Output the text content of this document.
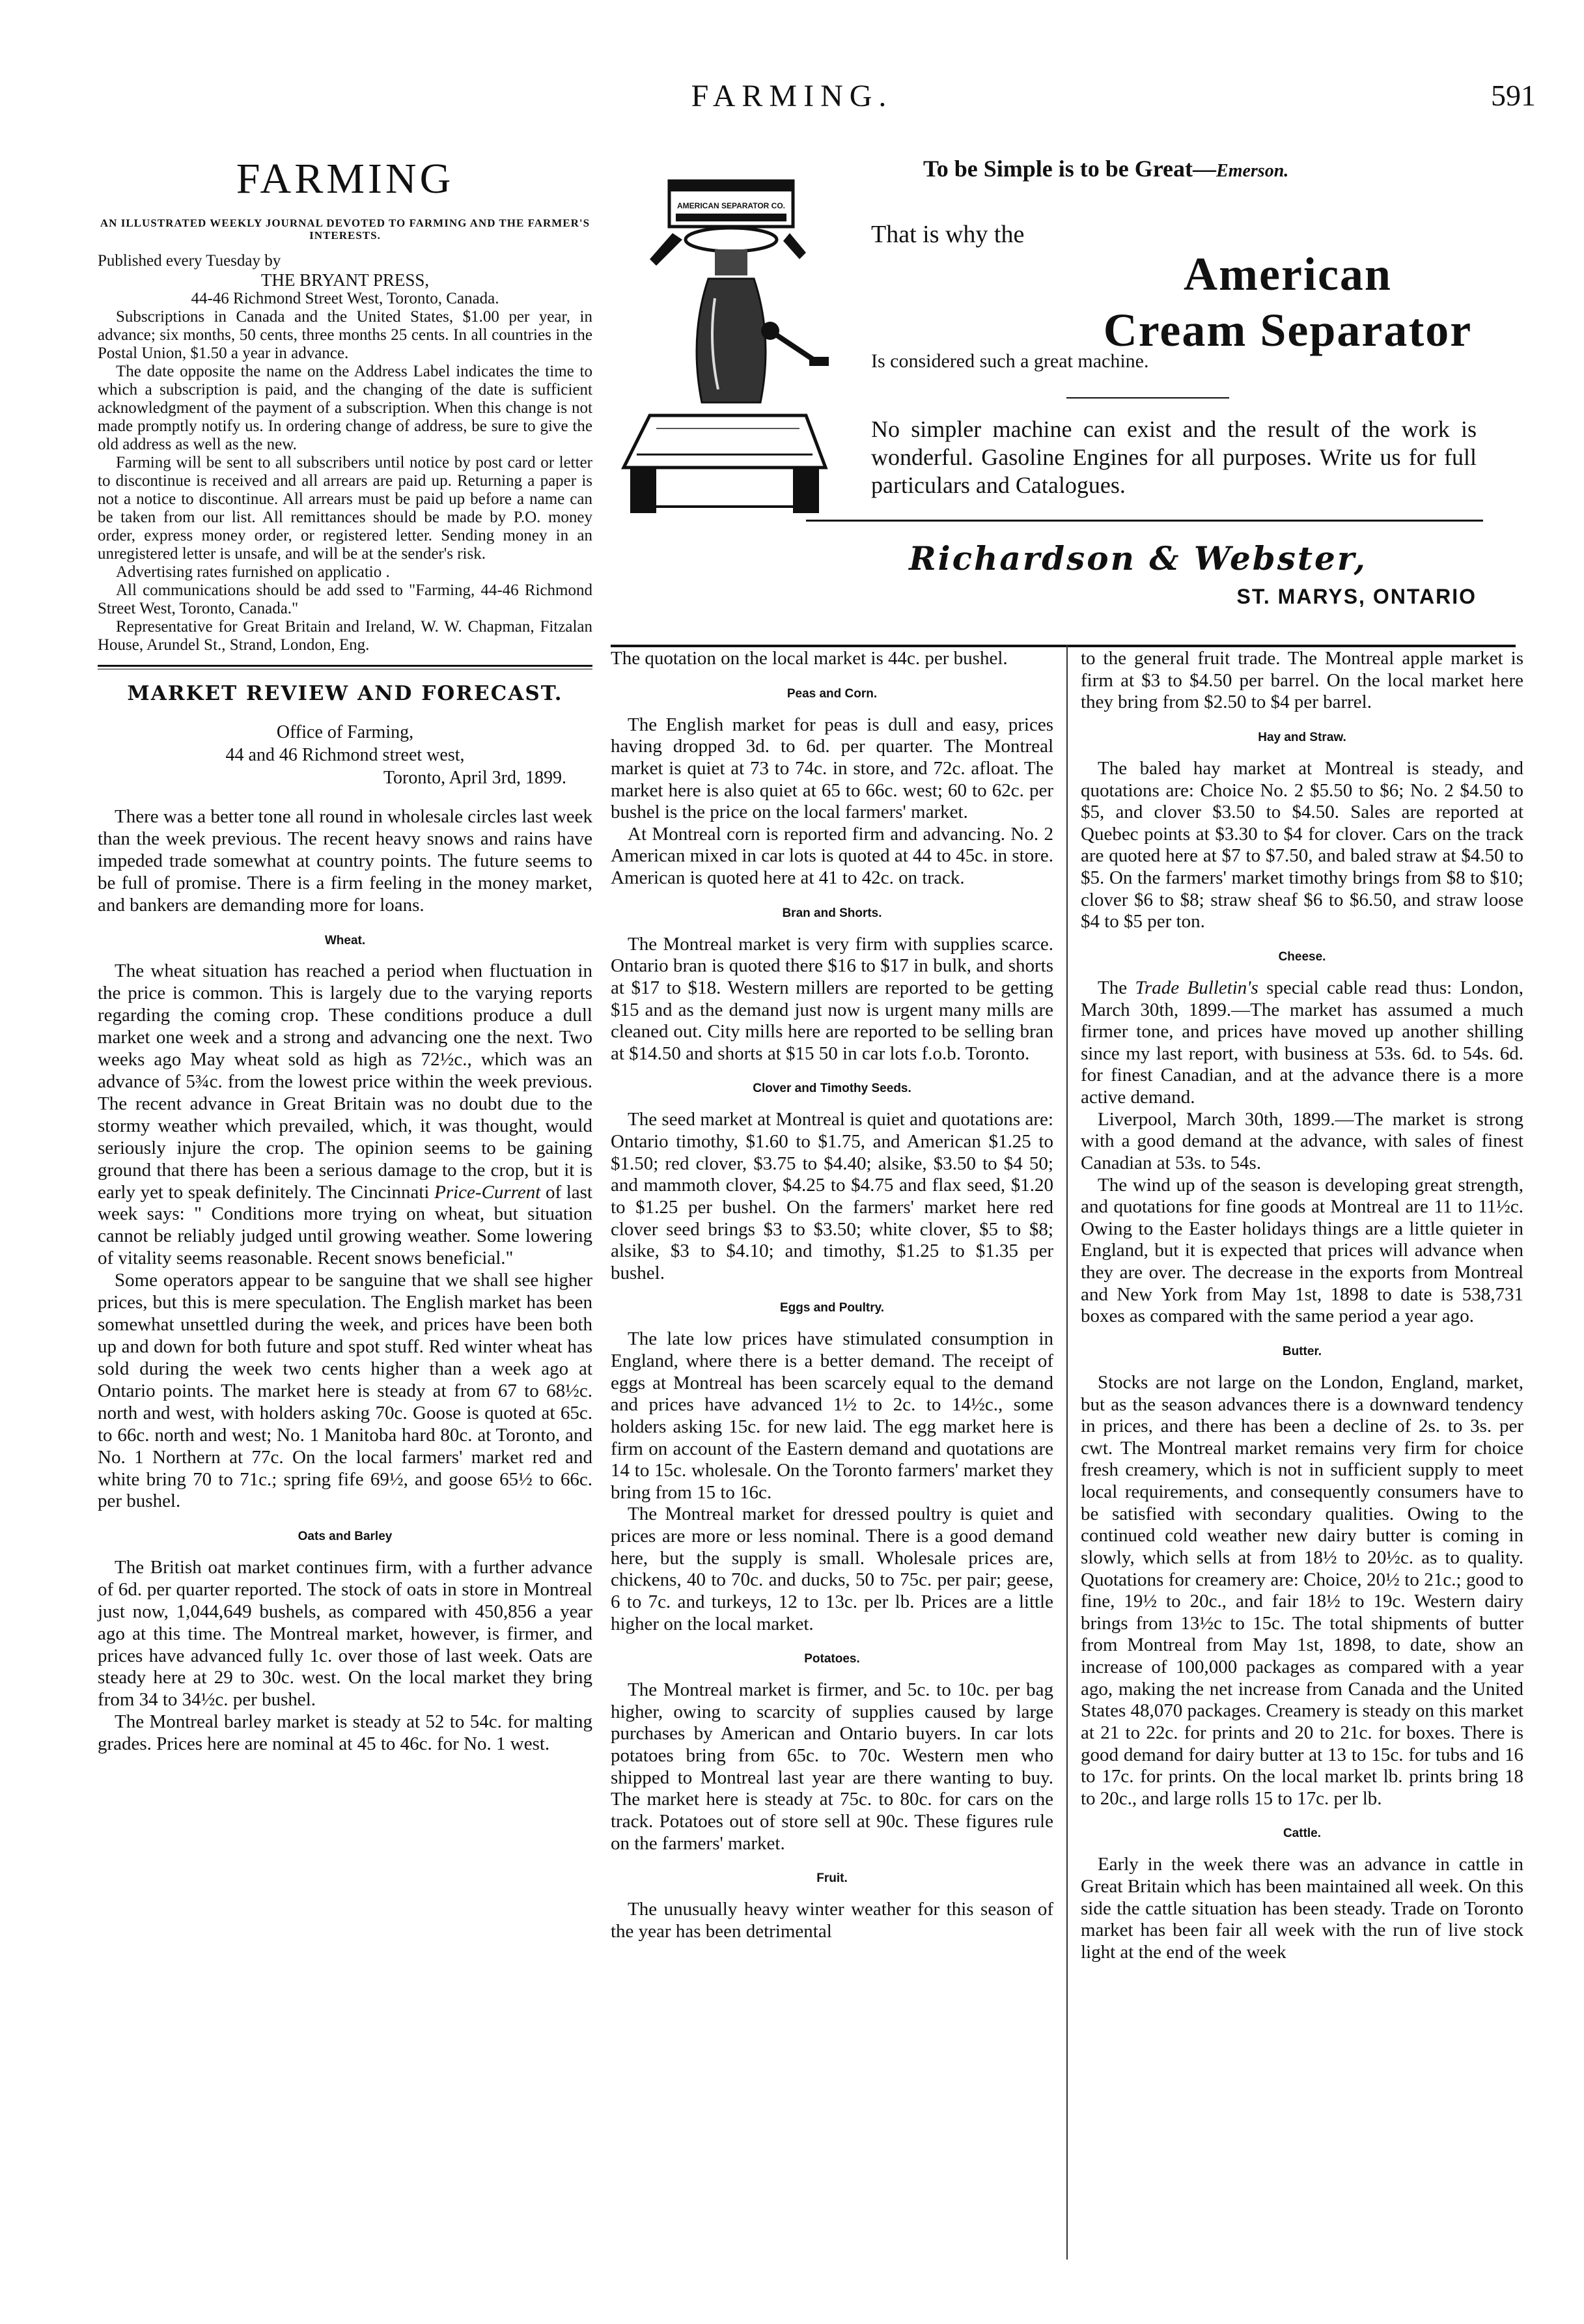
FARMING.	591
FARMING
AN ILLUSTRATED WEEKLY JOURNAL DEVOTED TO FARMING AND THE FARMER'S INTERESTS.

Published every Tuesday by

THE BRYANT PRESS,

44-46 Richmond Street West, Toronto, Canada.

Subscriptions in Canada and the United States, $1.00 per year, in advance; six months, 50 cents, three months 25 cents. In all countries in the Postal Union, $1.50 a year in advance.

The date opposite the name on the Address Label indicates the time to which a subscription is paid, and the changing of the date is sufficient acknowledgment of the payment of a subscription. When this change is not made promptly notify us. In ordering change of address, be sure to give the old address as well as the new.

Farming will be sent to all subscribers until notice by post card or letter to discontinue is received and all arrears are paid up. Returning a paper is not a notice to discontinue. All arrears must be paid up before a name can be taken from our list. All remittances should be made by P.O. money order, express money order, or registered letter. Sending money in an unregistered letter is unsafe, and will be at the sender's risk.

Advertising rates furnished on applicatio .

All communications should be add ssed to "Farming, 44-46 Richmond Street West, Toronto, Canada."

Representative for Great Britain and Ireland, W. W. Chapman, Fitzalan House, Arundel St., Strand, London, Eng.

MARKET REVIEW AND FORECAST.
Office of Farming,
44 and 46 Richmond street west,
Toronto, April 3rd, 1899.

There was a better tone all round in wholesale circles last week than the week previous. The recent heavy snows and rains have impeded trade somewhat at country points. The future seems to be full of promise. There is a firm feeling in the money market, and bankers are demanding more for loans.

Wheat.

The wheat situation has reached a period when fluctuation in the price is common. This is largely due to the varying reports regarding the coming crop. These conditions produce a dull market one week and a strong and advancing one the next. Two weeks ago May wheat sold as high as 72½c., which was an advance of 5¾c. from the lowest price within the week previous. The recent advance in Great Britain was no doubt due to the stormy weather which prevailed, which, it was thought, would seriously injure the crop. The opinion seems to be gaining ground that there has been a serious damage to the crop, but it is early yet to speak definitely. The Cincinnati Price-Current of last week says: " Conditions more trying on wheat, but situation cannot be reliably judged until growing weather. Some lowering of vitality seems reasonable. Recent snows beneficial."

Some operators appear to be sanguine that we shall see higher prices, but this is mere speculation. The English market has been somewhat unsettled during the week, and prices have been both up and down for both future and spot stuff. Red winter wheat has sold during the week two cents higher than a week ago at Ontario points. The market here is steady at from 67 to 68½c. north and west, with holders asking 70c. Goose is quoted at 65c. to 66c. north and west; No. 1 Manitoba hard 80c. at Toronto, and No. 1 Northern at 77c. On the local farmers' market red and white bring 70 to 71c.; spring fife 69½, and goose 65½ to 66c. per bushel.

Oats and Barley

The British oat market continues firm, with a further advance of 6d. per quarter reported. The stock of oats in store in Montreal just now, 1,044,649 bushels, as compared with 450,856 a year ago at this time. The Montreal market, however, is firmer, and prices have advanced fully 1c. over those of last week. Oats are steady here at 29 to 30c. west. On the local market they bring from 34 to 34½c. per bushel.

The Montreal barley market is steady at 52 to 54c. for malting grades. Prices here are nominal at 45 to 46c. for No. 1 west.

AMERICAN SEPARATOR CO.
To be Simple is to be Great—Emerson.
That is why the
American
Cream Separator
Is considered such a great machine.
No simpler machine can exist and the result of the work is wonderful. Gasoline Engines for all purposes. Write us for full particulars and Catalogues.
Richardson & Webster,
ST. MARYS, ONTARIO

The quotation on the local market is 44c. per bushel.

Peas and Corn.

The English market for peas is dull and easy, prices having dropped 3d. to 6d. per quarter. The Montreal market is quiet at 73 to 74c. in store, and 72c. afloat. The market here is also quiet at 65 to 66c. west; 60 to 62c. per bushel is the price on the local farmers' market.

At Montreal corn is reported firm and advancing. No. 2 American mixed in car lots is quoted at 44 to 45c. in store. American is quoted here at 41 to 42c. on track.

Bran and Shorts.

The Montreal market is very firm with supplies scarce. Ontario bran is quoted there $16 to $17 in bulk, and shorts at $17 to $18. Western millers are reported to be getting $15 and as the demand just now is urgent many mills are cleaned out. City mills here are reported to be selling bran at $14.50 and shorts at $15 50 in car lots f.o.b. Toronto.

Clover and Timothy Seeds.

The seed market at Montreal is quiet and quotations are: Ontario timothy, $1.60 to $1.75, and American $1.25 to $1.50; red clover, $3.75 to $4.40; alsike, $3.50 to $4 50; and mammoth clover, $4.25 to $4.75 and flax seed, $1.20 to $1.25 per bushel. On the farmers' market here red clover seed brings $3 to $3.50; white clover, $5 to $8; alsike, $3 to $4.10; and timothy, $1.25 to $1.35 per bushel.

Eggs and Poultry.

The late low prices have stimulated consumption in England, where there is a better demand. The receipt of eggs at Montreal has been scarcely equal to the demand and prices have advanced 1½ to 2c. to 14½c., some holders asking 15c. for new laid. The egg market here is firm on account of the Eastern demand and quotations are 14 to 15c. wholesale. On the Toronto farmers' market they bring from 15 to 16c.

The Montreal market for dressed poultry is quiet and prices are more or less nominal. There is a good demand here, but the supply is small. Wholesale prices are, chickens, 40 to 70c. and ducks, 50 to 75c. per pair; geese, 6 to 7c. and turkeys, 12 to 13c. per lb. Prices are a little higher on the local market.

Potatoes.

The Montreal market is firmer, and 5c. to 10c. per bag higher, owing to scarcity of supplies caused by large purchases by American and Ontario buyers. In car lots potatoes bring from 65c. to 70c. Western men who shipped to Montreal last year are there wanting to buy. The market here is steady at 75c. to 80c. for cars on the track. Potatoes out of store sell at 90c. These figures rule on the farmers' market.

Fruit.

The unusually heavy winter weather for this season of the year has been detrimental

to the general fruit trade. The Montreal apple market is firm at $3 to $4.50 per barrel. On the local market here they bring from $2.50 to $4 per barrel.

Hay and Straw.

The baled hay market at Montreal is steady, and quotations are: Choice No. 2 $5.50 to $6; No. 2 $4.50 to $5, and clover $3.50 to $4.50. Sales are reported at Quebec points at $3.30 to $4 for clover. Cars on the track are quoted here at $7 to $7.50, and baled straw at $4.50 to $5. On the farmers' market timothy brings from $8 to $10; clover $6 to $8; straw sheaf $6 to $6.50, and straw loose $4 to $5 per ton.

Cheese.

The Trade Bulletin's special cable read thus: London, March 30th, 1899.—The market has assumed a much firmer tone, and prices have moved up another shilling since my last report, with business at 53s. 6d. to 54s. 6d. for finest Canadian, and at the advance there is a more active demand.

Liverpool, March 30th, 1899.—The market is strong with a good demand at the advance, with sales of finest Canadian at 53s. to 54s.

The wind up of the season is developing great strength, and quotations for fine goods at Montreal are 11 to 11½c. Owing to the Easter holidays things are a little quieter in England, but it is expected that prices will advance when they are over. The decrease in the exports from Montreal and New York from May 1st, 1898 to date is 538,731 boxes as compared with the same period a year ago.

Butter.

Stocks are not large on the London, England, market, but as the season advances there is a downward tendency in prices, and there has been a decline of 2s. to 3s. per cwt. The Montreal market remains very firm for choice fresh creamery, which is not in sufficient supply to meet local requirements, and consequently consumers have to be satisfied with secondary qualities. Owing to the continued cold weather new dairy butter is coming in slowly, which sells at from 18½ to 20½c. as to quality. Quotations for creamery are: Choice, 20½ to 21c.; good to fine, 19½ to 20c., and fair 18½ to 19c. Western dairy brings from 13½c to 15c. The total shipments of butter from Montreal from May 1st, 1898, to date, show an increase of 100,000 packages as compared with a year ago, making the net increase from Canada and the United States 48,070 packages. Creamery is steady on this market at 21 to 22c. for prints and 20 to 21c. for boxes. There is good demand for dairy butter at 13 to 15c. for tubs and 16 to 17c. for prints. On the local market lb. prints bring 18 to 20c., and large rolls 15 to 17c. per lb.

Cattle.

Early in the week there was an advance in cattle in Great Britain which has been maintained all week. On this side the cattle situation has been steady. Trade on Toronto market has been fair all week with the run of live stock light at the end of the week
